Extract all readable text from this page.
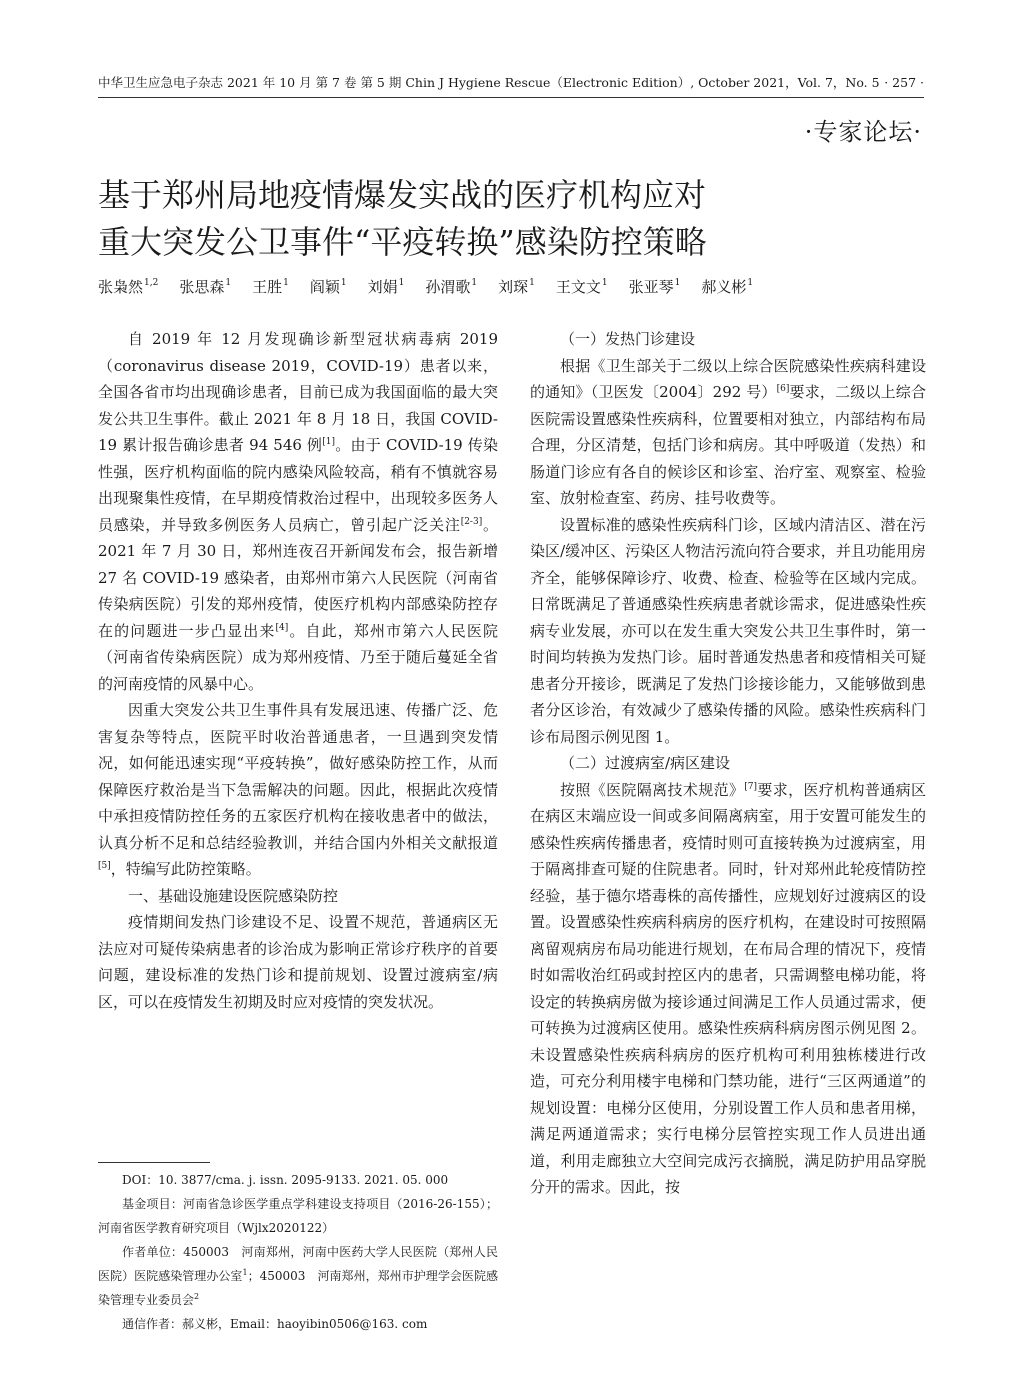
中华卫生应急电子杂志 2021 年 10 月 第 7 卷 第 5 期 Chin J Hygiene Rescue（Electronic Edition）, October 2021，Vol. 7，No. 5 · 257 ·
·专家论坛·
基于郑州局地疫情爆发实战的医疗机构应对
重大突发公卫事件“平疫转换”感染防控策略
张枭然$^{1,2}$ 张思森$^1$ 王胜$^1$ 阎颖$^1$ 刘娟$^1$ 孙渭歌$^1$ 刘琛$^1$ 王文文$^1$ 张亚琴$^1$ 郝义彬$^1$

自 2019 年 12 月发现确诊新型冠状病毒病 2019（coronavirus disease 2019，COVID-19）患者以来，全国各省市均出现确诊患者，目前已成为我国面临的最大突发公共卫生事件。截止 2021 年 8 月 18 日，我国 COVID-19 累计报告确诊患者 94 546 例[1]。由于 COVID-19 传染性强，医疗机构面临的院内感染风险较高，稍有不慎就容易出现聚集性疫情，在早期疫情救治过程中，出现较多医务人员感染，并导致多例医务人员病亡，曾引起广泛关注[2-3]。2021 年 7 月 30 日，郑州连夜召开新闻发布会，报告新增 27 名 COVID-19 感染者，由郑州市第六人民医院（河南省传染病医院）引发的郑州疫情，使医疗机构内部感染防控存在的问题进一步凸显出来[4]。自此，郑州市第六人民医院（河南省传染病医院）成为郑州疫情、乃至于随后蔓延全省的河南疫情的风暴中心。

因重大突发公共卫生事件具有发展迅速、传播广泛、危害复杂等特点，医院平时收治普通患者，一旦遇到突发情况，如何能迅速实现“平疫转换”，做好感染防控工作，从而保障医疗救治是当下急需解决的问题。因此，根据此次疫情中承担疫情防控任务的五家医疗机构在接收患者中的做法，认真分析不足和总结经验教训，并结合国内外相关文献报道[5]，特编写此防控策略。

一、基础设施建设医院感染防控

疫情期间发热门诊建设不足、设置不规范，普通病区无法应对可疑传染病患者的诊治成为影响正常诊疗秩序的首要问题，建设标准的发热门诊和提前规划、设置过渡病室/病区，可以在疫情发生初期及时应对疫情的突发状况。

DOI：10. 3877/cma. j. issn. 2095-9133. 2021. 05. 000

基金项目：河南省急诊医学重点学科建设支持项目（2016-26-155）；河南省医学教育研究项目（Wjlx2020122）

作者单位：450003　河南郑州，河南中医药大学人民医院（郑州人民医院）医院感染管理办公室$^1$；450003　河南郑州，郑州市护理学会医院感染管理专业委员会$^2$

通信作者：郝义彬，Email：haoyibin0506@163. com

（一）发热门诊建设

根据《卫生部关于二级以上综合医院感染性疾病科建设的通知》（卫医发〔2004〕292 号）[6]要求，二级以上综合医院需设置感染性疾病科，位置要相对独立，内部结构布局合理，分区清楚，包括门诊和病房。其中呼吸道（发热）和肠道门诊应有各自的候诊区和诊室、治疗室、观察室、检验室、放射检查室、药房、挂号收费等。

设置标准的感染性疾病科门诊，区域内清洁区、潜在污染区/缓冲区、污染区人物洁污流向符合要求，并且功能用房齐全，能够保障诊疗、收费、检查、检验等在区域内完成。日常既满足了普通感染性疾病患者就诊需求，促进感染性疾病专业发展，亦可以在发生重大突发公共卫生事件时，第一时间均转换为发热门诊。届时普通发热患者和疫情相关可疑患者分开接诊，既满足了发热门诊接诊能力，又能够做到患者分区诊治，有效减少了感染传播的风险。感染性疾病科门诊布局图示例见图 1。

（二）过渡病室/病区建设

按照《医院隔离技术规范》[7]要求，医疗机构普通病区在病区末端应设一间或多间隔离病室，用于安置可能发生的感染性疾病传播患者，疫情时则可直接转换为过渡病室，用于隔离排查可疑的住院患者。同时，针对郑州此轮疫情防控经验，基于德尔塔毒株的高传播性，应规划好过渡病区的设置。设置感染性疾病科病房的医疗机构，在建设时可按照隔离留观病房布局功能进行规划，在布局合理的情况下，疫情时如需收治红码或封控区内的患者，只需调整电梯功能，将设定的转换病房做为接诊通过间满足工作人员通过需求，便可转换为过渡病区使用。感染性疾病科病房图示例见图 2。未设置感染性疾病科病房的医疗机构可利用独栋楼进行改造，可充分利用楼宇电梯和门禁功能，进行“三区两通道”的规划设置：电梯分区使用，分别设置工作人员和患者用梯，满足两通道需求；实行电梯分层管控实现工作人员进出通道，利用走廊独立大空间完成污衣摘脱，满足防护用品穿脱分开的需求。因此，按
